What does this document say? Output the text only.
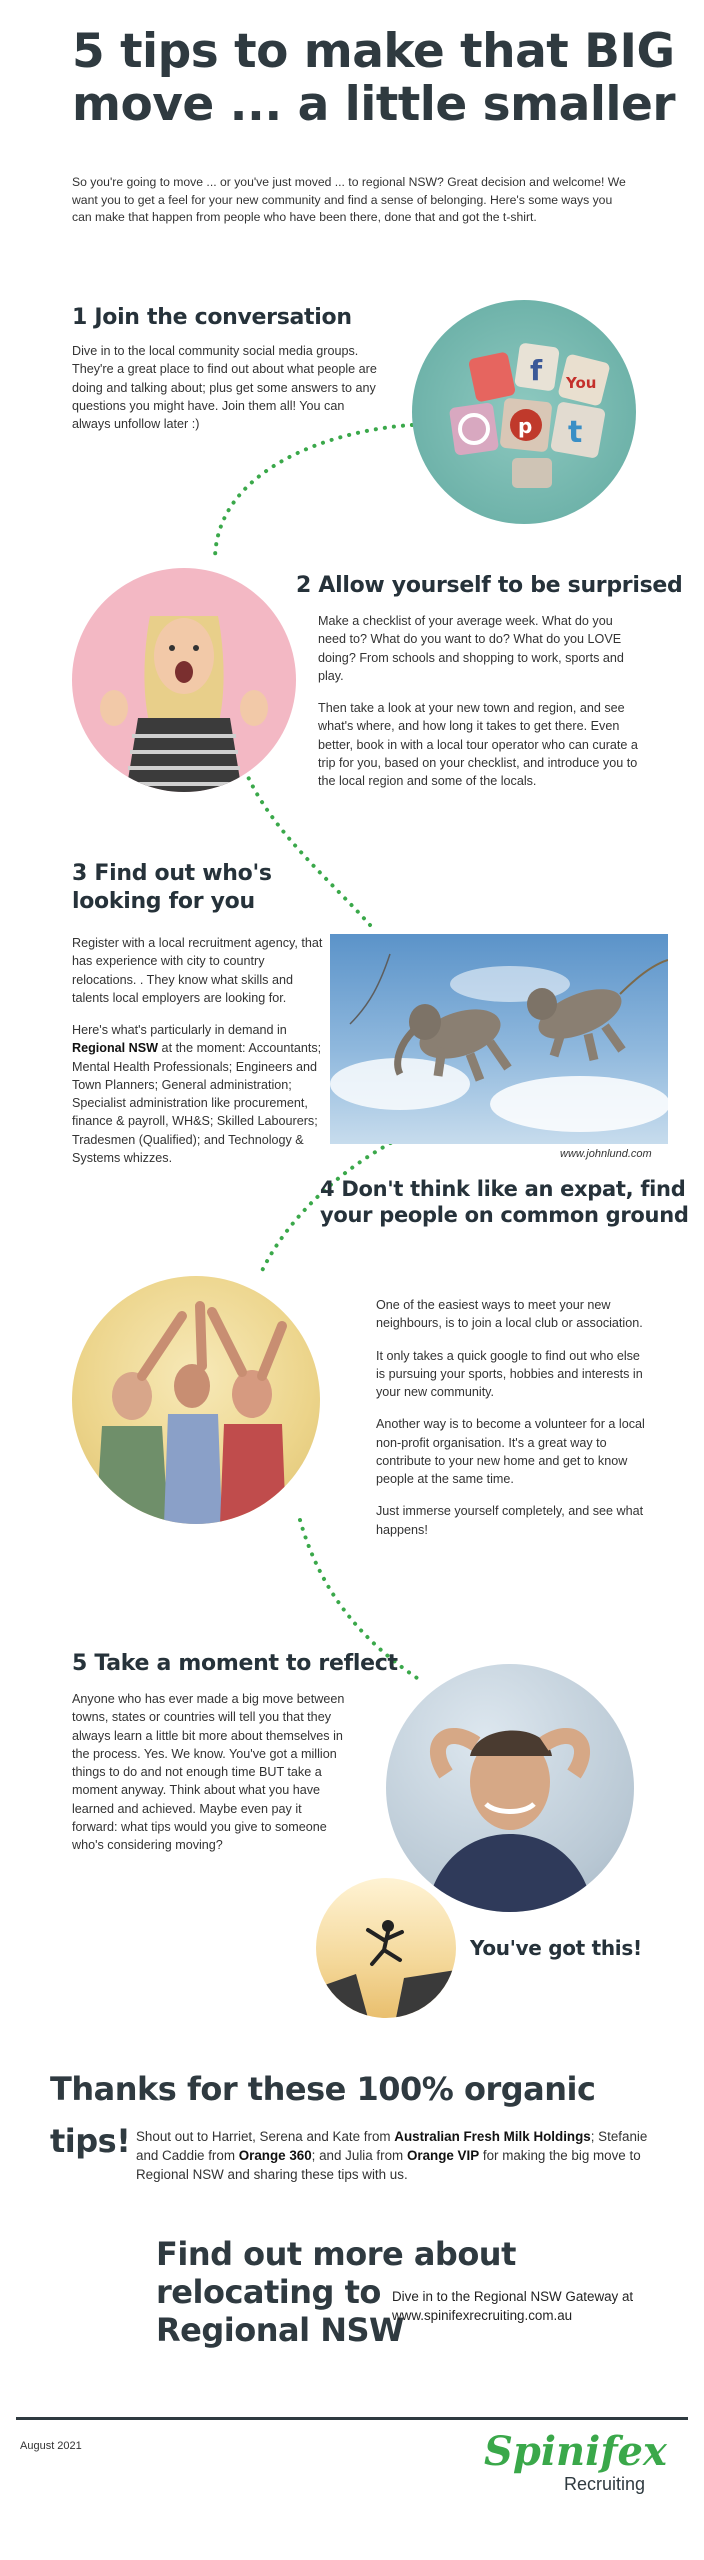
5 tips to make that BIG
move ... a little smaller
So you're going to move ... or you've just moved ... to regional NSW? Great decision and welcome! We want you to get a feel for your new community and find a sense of belonging. Here's some ways you can make that happen from people who have been there, done that and got the t-shirt.
1 Join the conversation

Dive in to the local community social media groups. They're a great place to find out about what people are doing and talking about; plus get some answers to any questions you might have. Join them all! You can always unfollow later :)

f You
p t
2 Allow yourself to be surprised

Make a checklist of your average week. What do you need to? What do you want to do? What do you LOVE doing? From schools and shopping to work, sports and play.

Then take a look at your new town and region, and see what's where, and how long it takes to get there. Even better, book in with a local tour operator who can curate a trip for you, based on your checklist, and introduce you to the local region and some of the locals.

3 Find out who's
looking for you

Register with a local recruitment agency, that has experience with city to country relocations. . They know what skills and talents local employers are looking for.

Here's what's particularly in demand in Regional NSW at the moment: Accountants; Mental Health Professionals; Engineers and Town Planners; General administration; Specialist administration like procurement, finance & payroll, WH&S; Skilled Labourers; Tradesmen (Qualified); and Technology & Systems whizzes.	www.johnlund.com
4 Don't think like an expat, find
your people on common ground

One of the easiest ways to meet your new neighbours, is to join a local club or association.

It only takes a quick google to find out who else is pursuing your sports, hobbies and interests in your new community.

Another way is to become a volunteer for a local non-profit organisation. It's a great way to contribute to your new home and get to know people at the same time.

Just immerse yourself completely, and see what happens!

5 Take a moment to reflect

Anyone who has ever made a big move between towns, states or countries will tell you that they always learn a little bit more about themselves in the process. Yes. We know. You've got a million things to do and not enough time BUT take a moment anyway. Think about what you have learned and achieved. Maybe even pay it forward: what tips would you give to someone who's considering moving?

You've got this!
Thanks for these 100% organic
tips! Shout out to Harriet, Serena and Kate from Australian Fresh Milk Holdings; Stefanie and Caddie from Orange 360; and Julia from Orange VIP for making the big move to Regional NSW and sharing these tips with us.
Find out more about
relocating to
Regional NSW
Dive in to the Regional NSW Gateway at
www.spinifexrecruiting.com.au
August 2021	Spinifex
Recruiting
